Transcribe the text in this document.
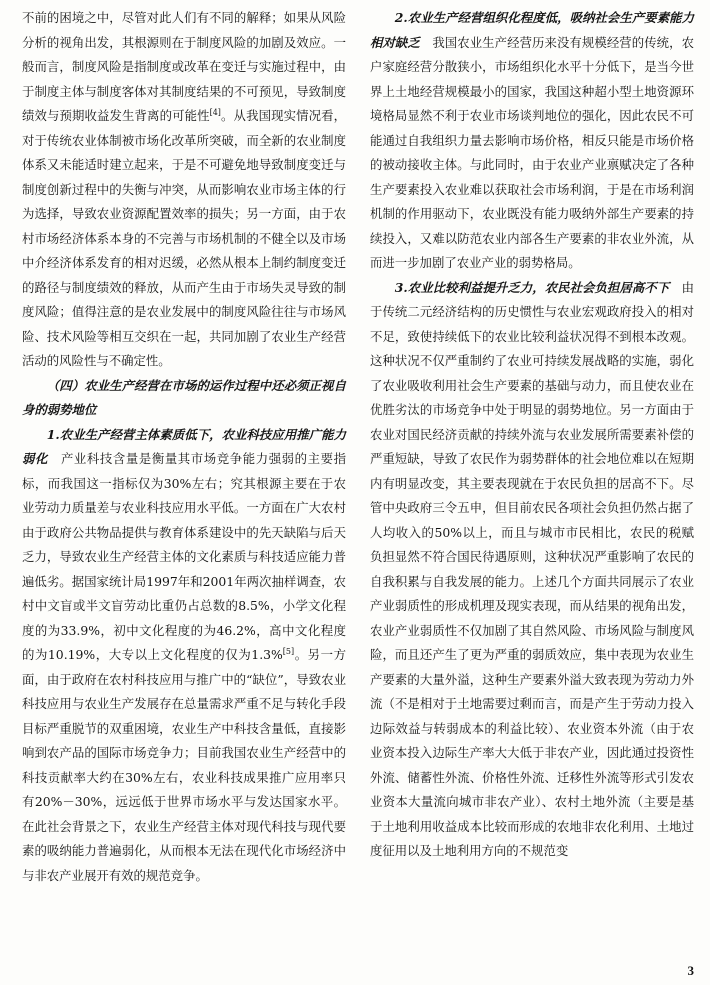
不前的困境之中，尽管对此人们有不同的解释；如果从风险分析的视角出发，其根源则在于制度风险的加剧及效应。一般而言，制度风险是指制度或改革在变迁与实施过程中，由于制度主体与制度客体对其制度结果的不可预见，导致制度绩效与预期收益发生背离的可能性[4]。从我国现实情况看，对于传统农业体制被市场化改革所突破，而全新的农业制度体系又未能适时建立起来，于是不可避免地导致制度变迁与制度创新过程中的失衡与冲突，从而影响农业市场主体的行为选择，导致农业资源配置效率的损失；另一方面，由于农村市场经济体系本身的不完善与市场机制的不健全以及市场中介经济体系发育的相对迟缓，必然从根本上制约制度变迁的路径与制度绩效的释放，从而产生由于市场失灵导致的制度风险；值得注意的是农业发展中的制度风险往往与市场风险、技术风险等相互交织在一起，共同加剧了农业生产经营活动的风险性与不确定性。

（四）农业生产经营在市场的运作过程中还必须正视自身的弱势地位

1.农业生产经营主体素质低下，农业科技应用推广能力弱化　 产业科技含量是衡量其市场竞争能力强弱的主要指标，而我国这一指标仅为30%左右；究其根源主要在于农业劳动力质量差与农业科技应用水平低。一方面在广大农村由于政府公共物品提供与教育体系建设中的先天缺陷与后天乏力，导致农业生产经营主体的文化素质与科技适应能力普遍低劣。据国家统计局1997年和2001年两次抽样调查，农村中文盲或半文盲劳动比重仍占总数的8.5%，小学文化程度的为33.9%，初中文化程度的为46.2%，高中文化程度的为10.19%，大专以上文化程度的仅为1.3%[5]。另一方面，由于政府在农村科技应用与推广中的“缺位”，导致农业科技应用与农业生产发展存在总量需求严重不足与转化手段目标严重脱节的双重困境，农业生产中科技含量低，直接影响到农产品的国际市场竞争力；目前我国农业生产经营中的科技贡献率大约在30%左右，农业科技成果推广应用率只有20%－30%，远远低于世界市场水平与发达国家水平。在此社会背景之下，农业生产经营主体对现代科技与现代要素的吸纳能力普遍弱化，从而根本无法在现代化市场经济中与非农产业展开有效的规范竞争。

2.农业生产经营组织化程度低，吸纳社会生产要素能力相对缺乏　 我国农业生产经营历来没有规模经营的传统，农户家庭经营分散狭小，市场组织化水平十分低下，是当今世界上土地经营规模最小的国家，我国这种超小型土地资源环境格局显然不利于农业市场谈判地位的强化，因此农民不可能通过自我组织力量去影响市场价格，相反只能是市场价格的被动接收主体。与此同时，由于农业产业禀赋决定了各种生产要素投入农业难以获取社会市场利润，于是在市场利润机制的作用驱动下，农业既没有能力吸纳外部生产要素的持续投入，又难以防范农业内部各生产要素的非农业外流，从而进一步加剧了农业产业的弱势格局。

3.农业比较利益提升乏力，农民社会负担居高不下　 由于传统二元经济结构的历史惯性与农业宏观政府投入的相对不足，致使持续低下的农业比较利益状况得不到根本改观。这种状况不仅严重制约了农业可持续发展战略的实施，弱化了农业吸收利用社会生产要素的基础与动力，而且使农业在优胜劣汰的市场竞争中处于明显的弱势地位。另一方面由于农业对国民经济贡献的持续外流与农业发展所需要素补偿的严重短缺，导致了农民作为弱势群体的社会地位难以在短期内有明显改变，其主要表现就在于农民负担的居高不下。尽管中央政府三令五申，但目前农民各项社会负担仍然占据了人均收入的50%以上，而且与城市市民相比，农民的税赋负担显然不符合国民待遇原则，这种状况严重影响了农民的自我积累与自我发展的能力。上述几个方面共同展示了农业产业弱质性的形成机理及现实表现，而从结果的视角出发，农业产业弱质性不仅加剧了其自然风险、市场风险与制度风险，而且还产生了更为严重的弱质效应，集中表现为农业生产要素的大量外溢，这种生产要素外溢大致表现为劳动力外流（不是相对于土地需要过剩而言，而是产生于劳动力投入边际效益与转弱成本的利益比较）、农业资本外流（由于农业资本投入边际生产率大大低于非农产业，因此通过投资性外流、储蓄性外流、价格性外流、迁移性外流等形式引发农业资本大量流向城市非农产业）、农村土地外流（主要是基于土地利用收益成本比较而形成的农地非农化利用、土地过度征用以及土地利用方向的不规范变

3
